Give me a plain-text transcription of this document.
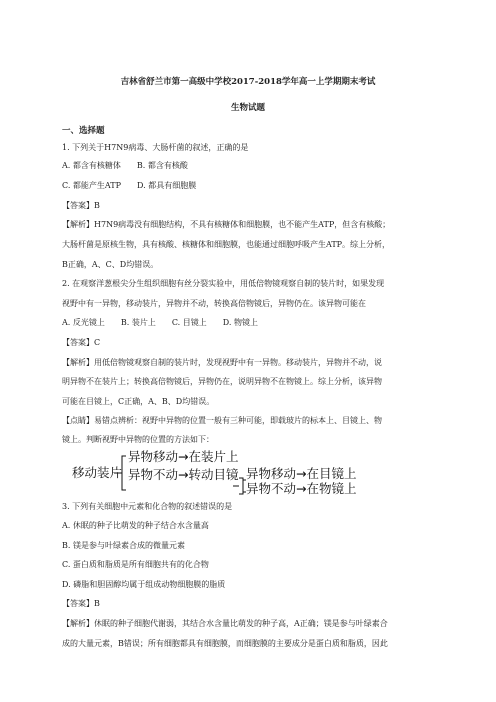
吉林省舒兰市第一高级中学校2017-2018学年高一上学期期末考试
生物试题
一、选择题
1. 下列关于H7N9病毒、大肠杆菌的叙述，正确的是
A. 都含有核糖体　　B. 都含有核酸
C. 都能产生ATP　　D. 都具有细胞膜
【答案】B
【解析】H7N9病毒没有细胞结构，不具有核糖体和细胞膜，也不能产生ATP，但含有核酸；
大肠杆菌是原核生物，具有核酸、核糖体和细胞膜，也能通过细胞呼吸产生ATP。综上分析，
B正确，A、C、D均错误。
2. 在观察洋葱根尖分生组织细胞有丝分裂实验中，用低倍物镜观察自制的装片时，如果发现
视野中有一异物，移动装片，异物并不动，转换高倍物镜后，异物仍在。该异物可能在
A. 反光镜上　　B. 装片上　　C. 目镜上　　D. 物镜上
【答案】C
【解析】用低倍物镜观察自制的装片时，发现视野中有一异物。移动装片，异物并不动，说
明异物不在装片上；转换高倍物镜后，异物仍在，说明异物不在物镜上。综上分析，该异物
可能在目镜上，C正确，A、B、D均错误。
【点睛】易错点辨析：视野中异物的位置一般有三种可能，即载玻片的标本上、目镜上、物
镜上。判断视野中异物的位置的方法如下：
移动装片
异物移动→在装片上
异物不动→转动目镜 异物移动→在目镜上
异物不动→在物镜上
3. 下列有关细胞中元素和化合物的叙述错误的是
A. 休眠的种子比萌发的种子结合水含量高
B. 镁是参与叶绿素合成的微量元素
C. 蛋白质和脂质是所有细胞共有的化合物
D. 磷脂和胆固醇均属于组成动物细胞膜的脂质
【答案】B
【解析】休眠的种子细胞代谢弱，其结合水含量比萌发的种子高，A正确；镁是参与叶绿素合
成的大量元素，B错误；所有细胞都具有细胞膜，而细胞膜的主要成分是蛋白质和脂质，因此
